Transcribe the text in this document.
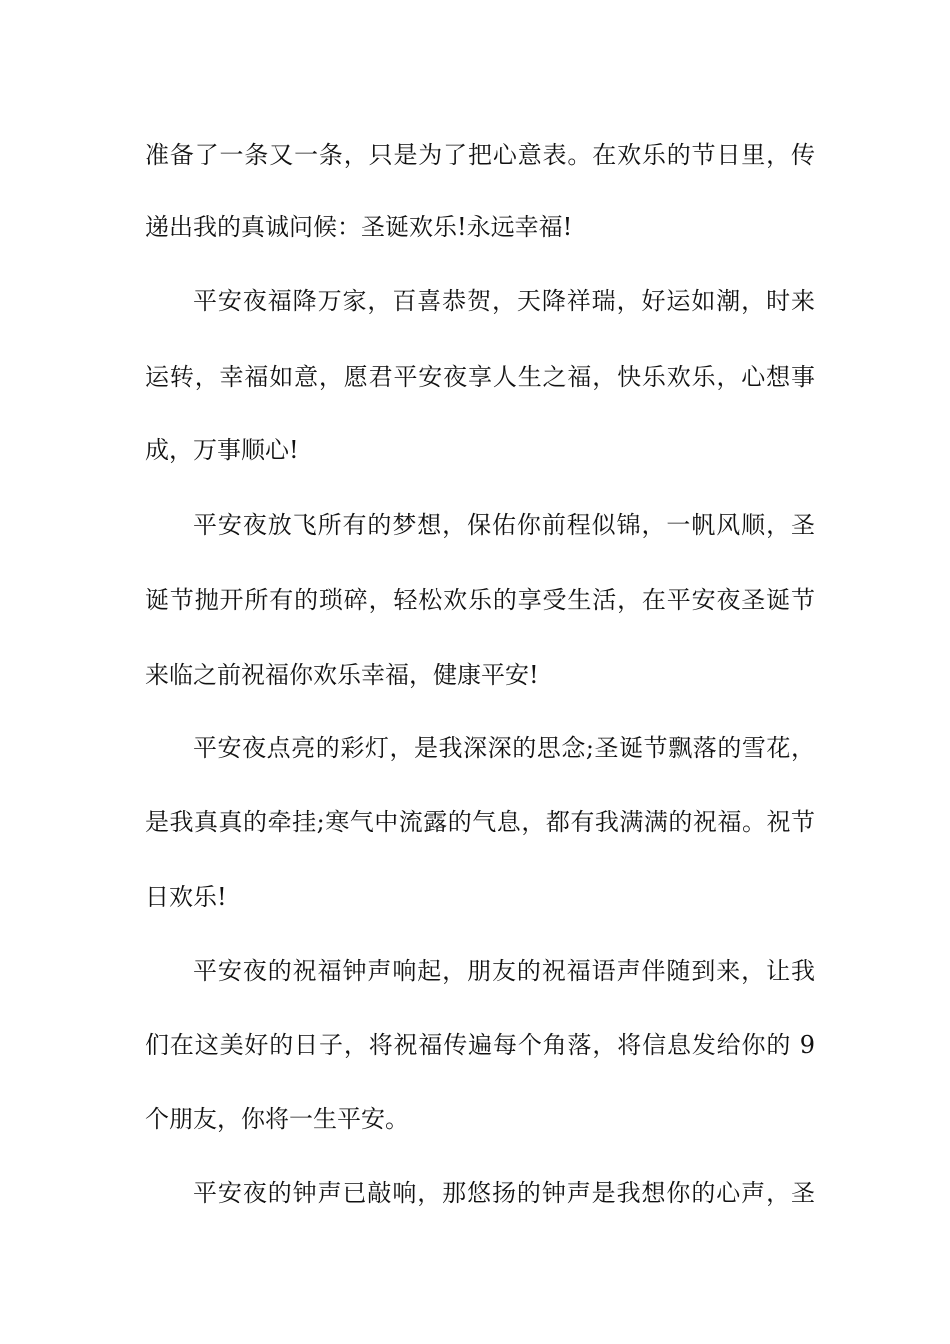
准备了一条又一条，只是为了把心意表。在欢乐的节日里，传
递出我的真诚问候：圣诞欢乐!永远幸福!
平安夜福降万家，百喜恭贺，天降祥瑞，好运如潮，时来
运转，幸福如意，愿君平安夜享人生之福，快乐欢乐，心想事
成，万事顺心!
平安夜放飞所有的梦想，保佑你前程似锦，一帆风顺，圣
诞节抛开所有的琐碎，轻松欢乐的享受生活，在平安夜圣诞节
来临之前祝福你欢乐幸福，健康平安!
平安夜点亮的彩灯，是我深深的思念;圣诞节飘落的雪花，
是我真真的牵挂;寒气中流露的气息，都有我满满的祝福。祝节
日欢乐!
平安夜的祝福钟声响起，朋友的祝福语声伴随到来，让我
们在这美好的日子，将祝福传遍每个角落，将信息发给你的 9
个朋友，你将一生平安。
平安夜的钟声已敲响，那悠扬的钟声是我想你的心声，圣
